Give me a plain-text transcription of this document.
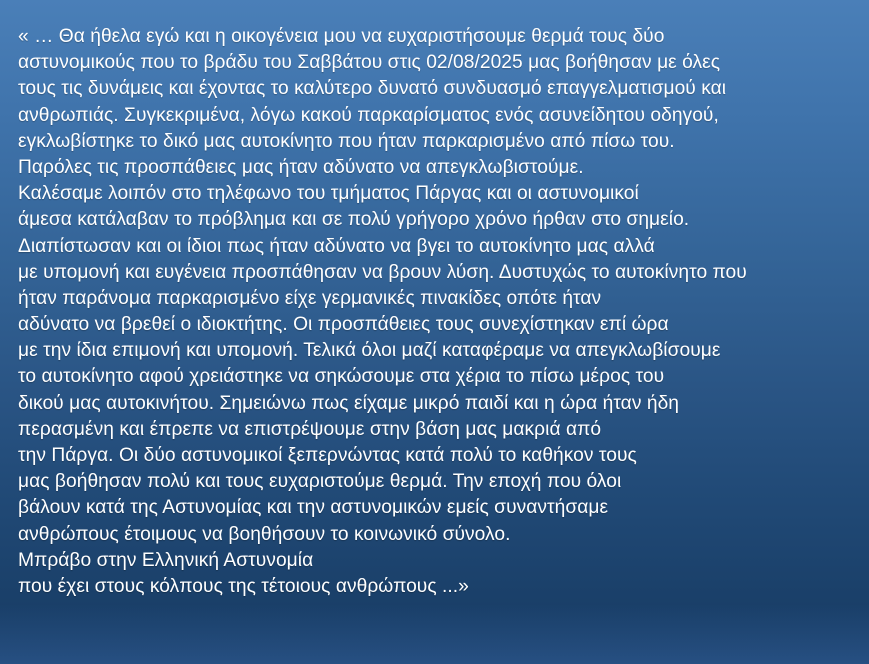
« … Θα ήθελα εγώ και η οικογένεια μου να ευχαριστήσουμε θερμά τους δύο
αστυνομικούς που το βράδυ του Σαββάτου στις 02/08/2025 μας βοήθησαν με όλες
τους τις δυνάμεις και έχοντας το καλύτερο δυνατό συνδυασμό επαγγελματισμού και
ανθρωπιάς. Συγκεκριμένα, λόγω κακού παρκαρίσματος ενός ασυνείδητου οδηγού,
εγκλωβίστηκε το δικό μας αυτοκίνητο που ήταν παρκαρισμένο από πίσω του.
Παρόλες τις προσπάθειες μας ήταν αδύνατο να απεγκλωβιστούμε.
Καλέσαμε λοιπόν στο τηλέφωνο του τμήματος Πάργας και οι αστυνομικοί
άμεσα κατάλαβαν το πρόβλημα και σε πολύ γρήγορο χρόνο ήρθαν στο σημείο.
Διαπίστωσαν και οι ίδιοι πως ήταν αδύνατο να βγει το αυτοκίνητο μας αλλά
με υπομονή και ευγένεια προσπάθησαν να βρουν λύση. Δυστυχώς το αυτοκίνητο που
ήταν παράνομα παρκαρισμένο είχε γερμανικές πινακίδες οπότε ήταν
αδύνατο να βρεθεί ο ιδιοκτήτης. Οι προσπάθειες τους συνεχίστηκαν επί ώρα
με την ίδια επιμονή και υπομονή. Τελικά όλοι μαζί καταφέραμε να απεγκλωβίσουμε
το αυτοκίνητο αφού χρειάστηκε να σηκώσουμε στα χέρια το πίσω μέρος του
δικού μας αυτοκινήτου. Σημειώνω πως είχαμε μικρό παιδί και η ώρα ήταν ήδη
περασμένη και έπρεπε να επιστρέψουμε στην βάση μας μακριά από
την Πάργα. Οι δύο αστυνομικοί ξεπερνώντας κατά πολύ το καθήκον τους
μας βοήθησαν πολύ και τους ευχαριστούμε θερμά. Την εποχή που όλοι
βάλουν κατά της Αστυνομίας και την αστυνομικών εμείς συναντήσαμε
ανθρώπους έτοιμους να βοηθήσουν το κοινωνικό σύνολο.
Μπράβο στην Ελληνική Αστυνομία
που έχει στους κόλπους της τέτοιους ανθρώπους ...»
